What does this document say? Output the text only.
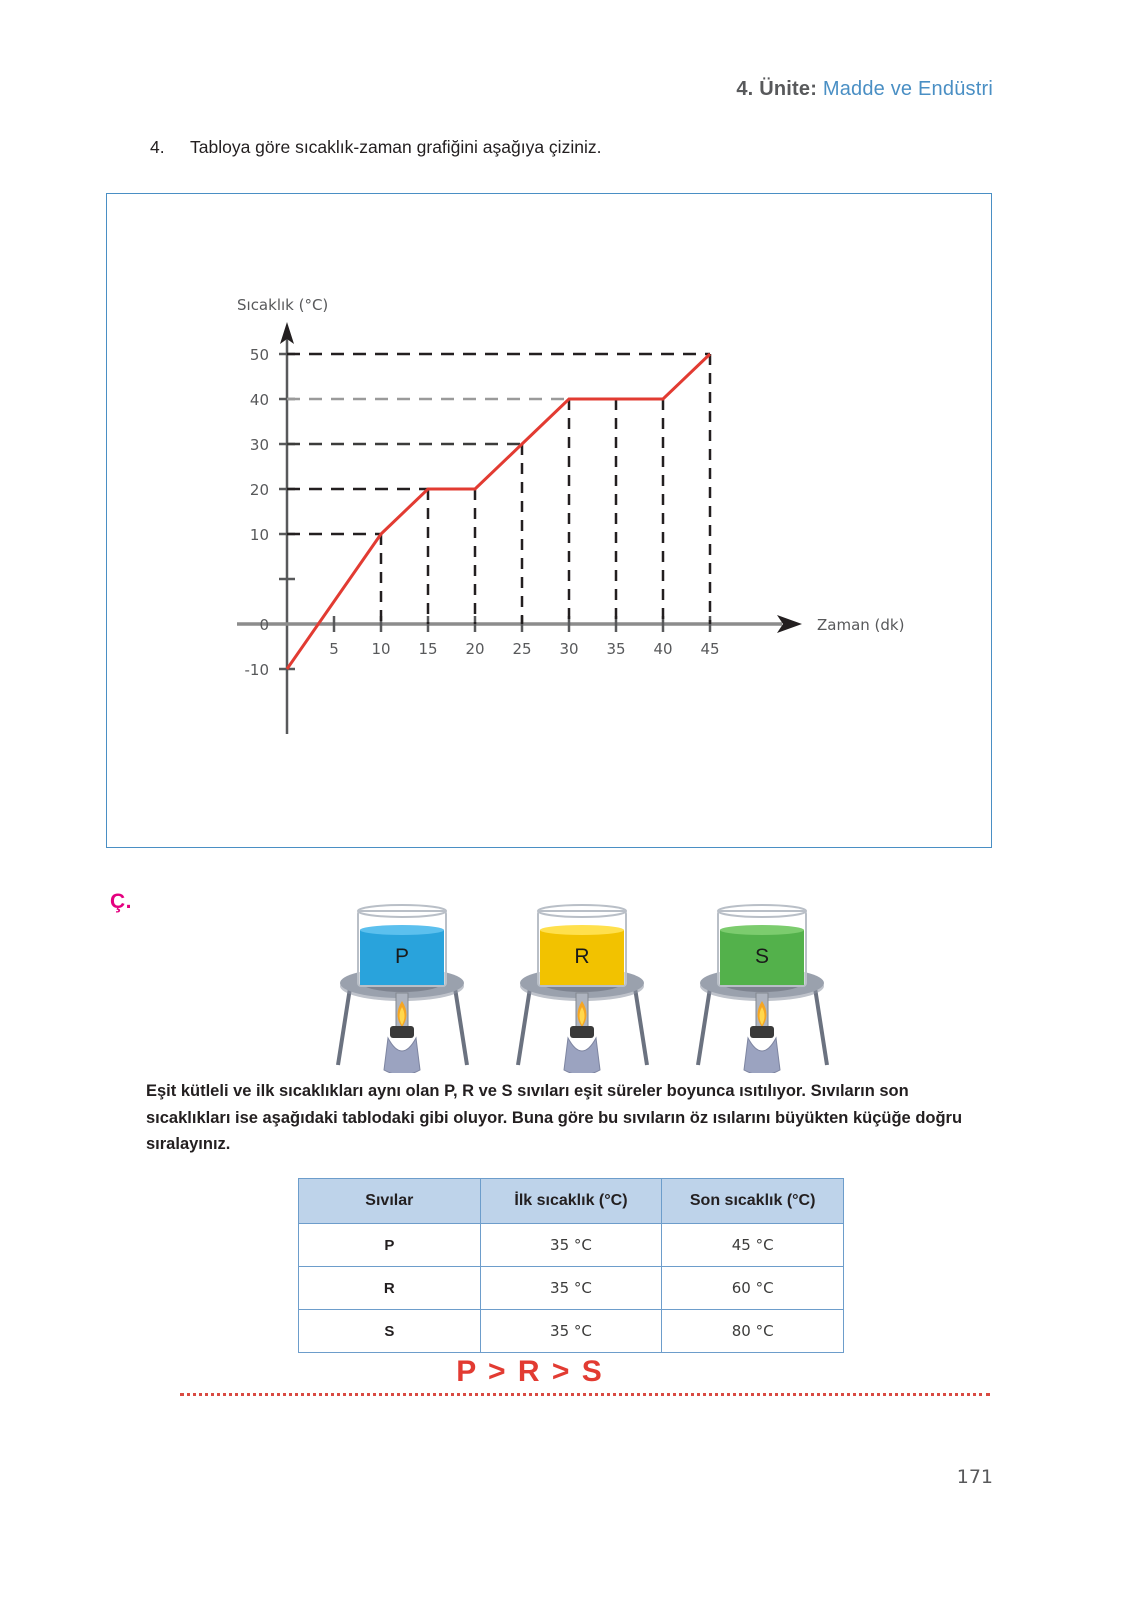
4. Ünite: Madde ve Endüstri
4. Tabloya göre sıcaklık-zaman grafiğini aşağıya çiziniz.
50
40
30
20
10
0
-10
5 10 15 20 25 30 35 40 45
Sıcaklık (°C)
Zaman (dk)
Ç.
P	R	S
Eşit kütleli ve ilk sıcaklıkları aynı olan P, R ve S sıvıları eşit süreler boyunca ısıtılıyor. Sıvıların son sıcaklıkları ise aşağıdaki tablodaki gibi oluyor. Buna göre bu sıvıların öz ısılarını büyükten küçüğe doğru sıralayınız.
Sıvılar	İlk sıcaklık (°C)	Son sıcaklık (°C)
P	35 °C	45 °C
R	35 °C	60 °C
S	35 °C	80 °C
P > R > S
171
